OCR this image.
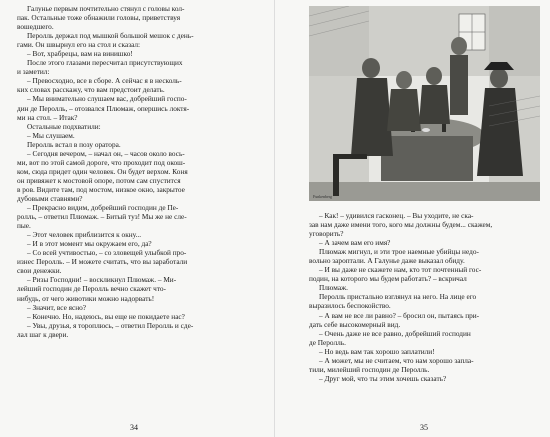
Галунье первым почтительно стянул с головы кол-
пак. Остальные тоже обнажили головы, приветствуя
вошедшего.
Перолль держал под мышкой большой мешок с день-
гами. Он швырнул его на стол и сказал:
– Вот, храбрецы, вам на винишко!
После этого глазами пересчитал присутствующих
и заметил:
– Превосходно, все в сборе. А сейчас я в несколь-
ких словах расскажу, что вам предстоит делать.
– Мы внимательно слушаем вас, добрейший госпо-
дин де Перолль, – отозвался Плюмаж, опершись локтя-
ми на стол. – Итак?
Остальные подхватили:
– Мы слушаем.
Перолль встал в позу оратора.
– Сегодня вечером, – начал он, – часов около вось-
ми, вот по этой самой дороге, что проходит под окош-
ком, сюда придет один человек. Он будет верхом. Коня
он привяжет к мостовой опоре, потом сам спустится
в ров. Видите там, под мостом, низкое окно, закрытое
дубовыми ставнями?
– Прекрасно видим, добрейший господин де Пе-
ролль, – ответил Плюмаж. – Битый туз! Мы же не сле-
пые.
– Этот человек приблизится к окну...
– И в этот момент мы окружаем его, да?
– Со всей учтивостью, – со зловещей улыбкой про-
изнес Перолль. – И можете считать, что вы заработали
свои денежки.
– Ризы Господни! – воскликнул Плюмаж. – Ми-
лейший господин де Перолль вечно скажет что-
нибудь, от чего животики можно надорвать!
– Значит, все ясно?
– Конечно. Но, надеюсь, вы еще не покидаете нас?
– Увы, друзья, я тороплюсь, – ответил Перолль и сде-
лал шаг к двери.
34
Funkenberg
– Как! – удивился гасконец. – Вы уходите, не ска-
зав нам даже имени того, кого мы должны будем... скажем,
уговорить?
– А зачем вам его имя?
Плюмаж мигнул, и эти трое наемные убийцы недо-
вольно зароптали. А Галунье даже выказал обиду.
– И вы даже не скажете нам, кто тот почтенный гос-
подин, на которого мы будем работать? – вскричал
Плюмаж.
Перолль пристально взглянул на него. На лице его
выразилось беспокойство.
– А вам не все ли равно? – бросил он, пытаясь при-
дать себе высокомерный вид.
– Очень даже не все равно, добрейший господин
де Перолль.
– Но ведь вам так хорошо заплатили!
– А может, мы не считаем, что нам хорошо запла-
тили, милейший господин де Перолль.
– Друг мой, что ты этим хочешь сказать?
35
